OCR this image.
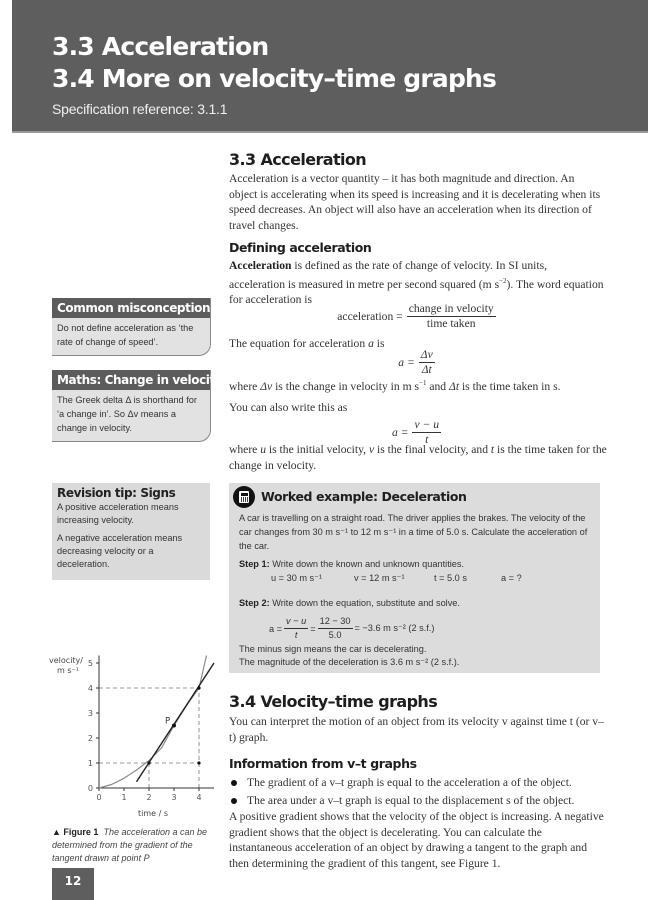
3.3 Acceleration
3.4 More on velocity–time graphs
Specification reference: 3.1.1
3.3 Acceleration
Acceleration is a vector quantity – it has both magnitude and direction. An object is accelerating when its speed is increasing and it is decelerating when its speed decreases. An object will also have an acceleration when its direction of travel changes.
Defining acceleration
Acceleration is defined as the rate of change of velocity. In SI units, acceleration is measured in metre per second squared (m $s^{-2}$). The word equation for acceleration is
acceleration = $\frac{\text{change in velocity}}{\text{time taken}}$
The equation for acceleration a is
$a = \frac{\Delta v}{\Delta t}$
where Δv is the change in velocity in m $s^{-1}$ and Δt is the time taken in s.
You can also write this as
$a = \frac{v - u}{t}$
where u is the initial velocity, v is the final velocity, and t is the time taken for the change in velocity.
Common misconception
Do not define acceleration as ‘the rate of change of speed’.
Maths: Change in velocity
The Greek delta Δ is shorthand for ‘a change in’. So Δv means a change in velocity.
Revision tip: Signs

A positive acceleration means increasing velocity.

A negative acceleration means decreasing velocity or a deceleration.

Worked example: Deceleration
A car is travelling on a straight road. The driver applies the brakes. The velocity of the car changes from 30 m s⁻¹ to 12 m s⁻¹ in a time of 5.0 s. Calculate the acceleration of the car.
Step 1: Write down the known and unknown quantities.
u = 30 m s⁻¹	v = 12 m s⁻¹	t = 5.0 s	a = ?
Step 2: Write down the equation, substitute and solve.
$a = \frac{v - u}{t} = \frac{12 - 30}{5.0} = -3.6$ m s⁻² (2 s.f.)
The minus sign means the car is decelerating.
The magnitude of the deceleration is 3.6 m s⁻² (2 s.f.).
3.4 Velocity–time graphs
You can interpret the motion of an object from its velocity v against time t (or v–t) graph.
Information from v–t graphs
The gradient of a v–t graph is equal to the acceleration a of the object.
The area under a v–t graph is equal to the displacement s of the object.
A positive gradient shows that the velocity of the object is increasing. A negative gradient shows that the object is decelerating. You can calculate the instantaneous acceleration of an object by drawing a tangent to the graph and then determining the gradient of this tangent, see Figure 1.
0 1 2 3 4
0
1
2
3
4
5
P
velocity/
m s⁻¹
time / s
▲ Figure 1 The acceleration a can be determined from the gradient of the tangent drawn at point P
12
